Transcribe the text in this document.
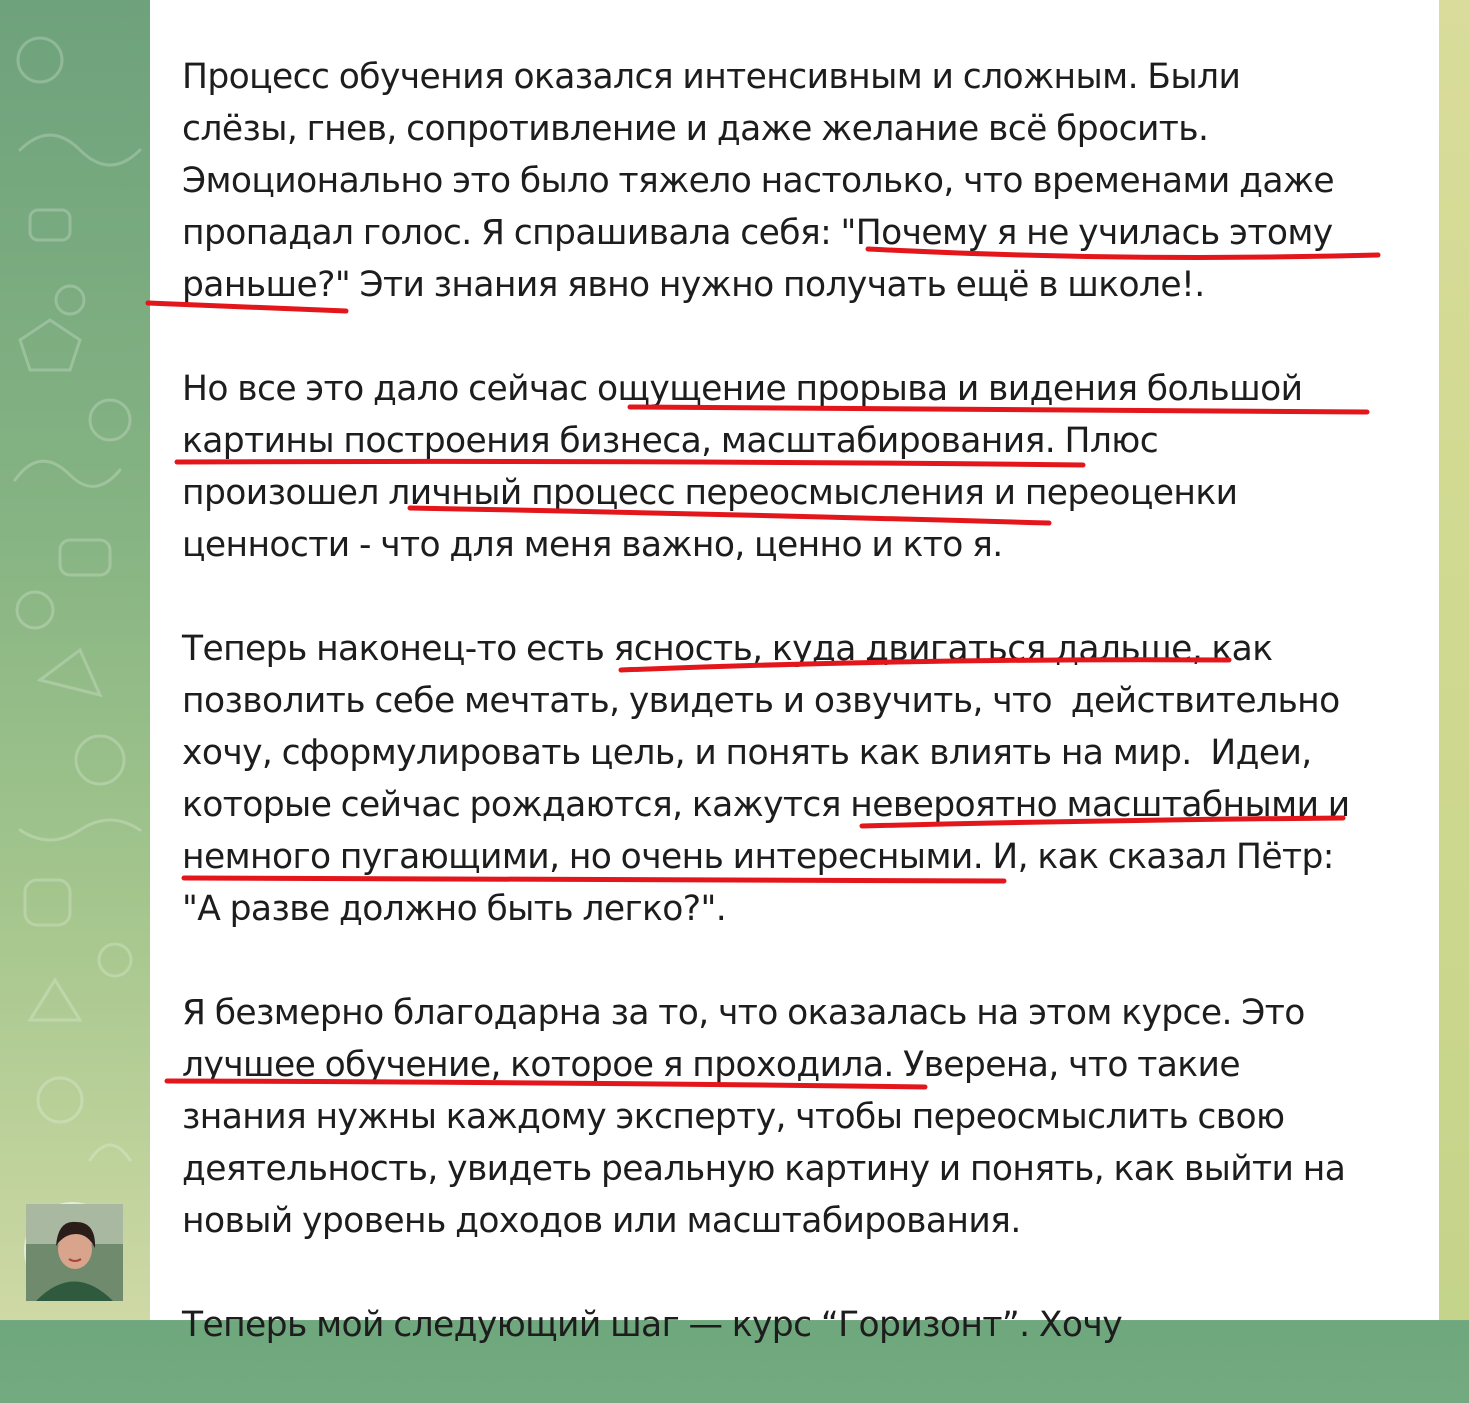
Процесс обучения оказался интенсивным и сложным. Были
слёзы, гнев, сопротивление и даже желание всё бросить.
Эмоционально это было тяжело настолько, что временами даже
пропадал голос. Я спрашивала себя: "Почему я не училась этому
раньше?" Эти знания явно нужно получать ещё в школе!.
Но все это дало сейчас ощущение прорыва и видения большой
картины построения бизнеса, масштабирования. Плюс
произошел личный процесс переосмысления и переоценки
ценности - что для меня важно, ценно и кто я.
Теперь наконец-то есть ясность, куда двигаться дальше, как
позволить себе мечтать, увидеть и озвучить, что  действительно
хочу, сформулировать цель, и понять как влиять на мир.  Идеи,
которые сейчас рождаются, кажутся невероятно масштабными и
немного пугающими, но очень интересными. И, как сказал Пётр:
"А разве должно быть легко?".
Я безмерно благодарна за то, что оказалась на этом курсе. Это
лучшее обучение, которое я проходила. Уверена, что такие
знания нужны каждому эксперту, чтобы переосмыслить свою
деятельность, увидеть реальную картину и понять, как выйти на
новый уровень доходов или масштабирования.
Теперь мой следующий шаг — курс “Горизонт”. Хочу
